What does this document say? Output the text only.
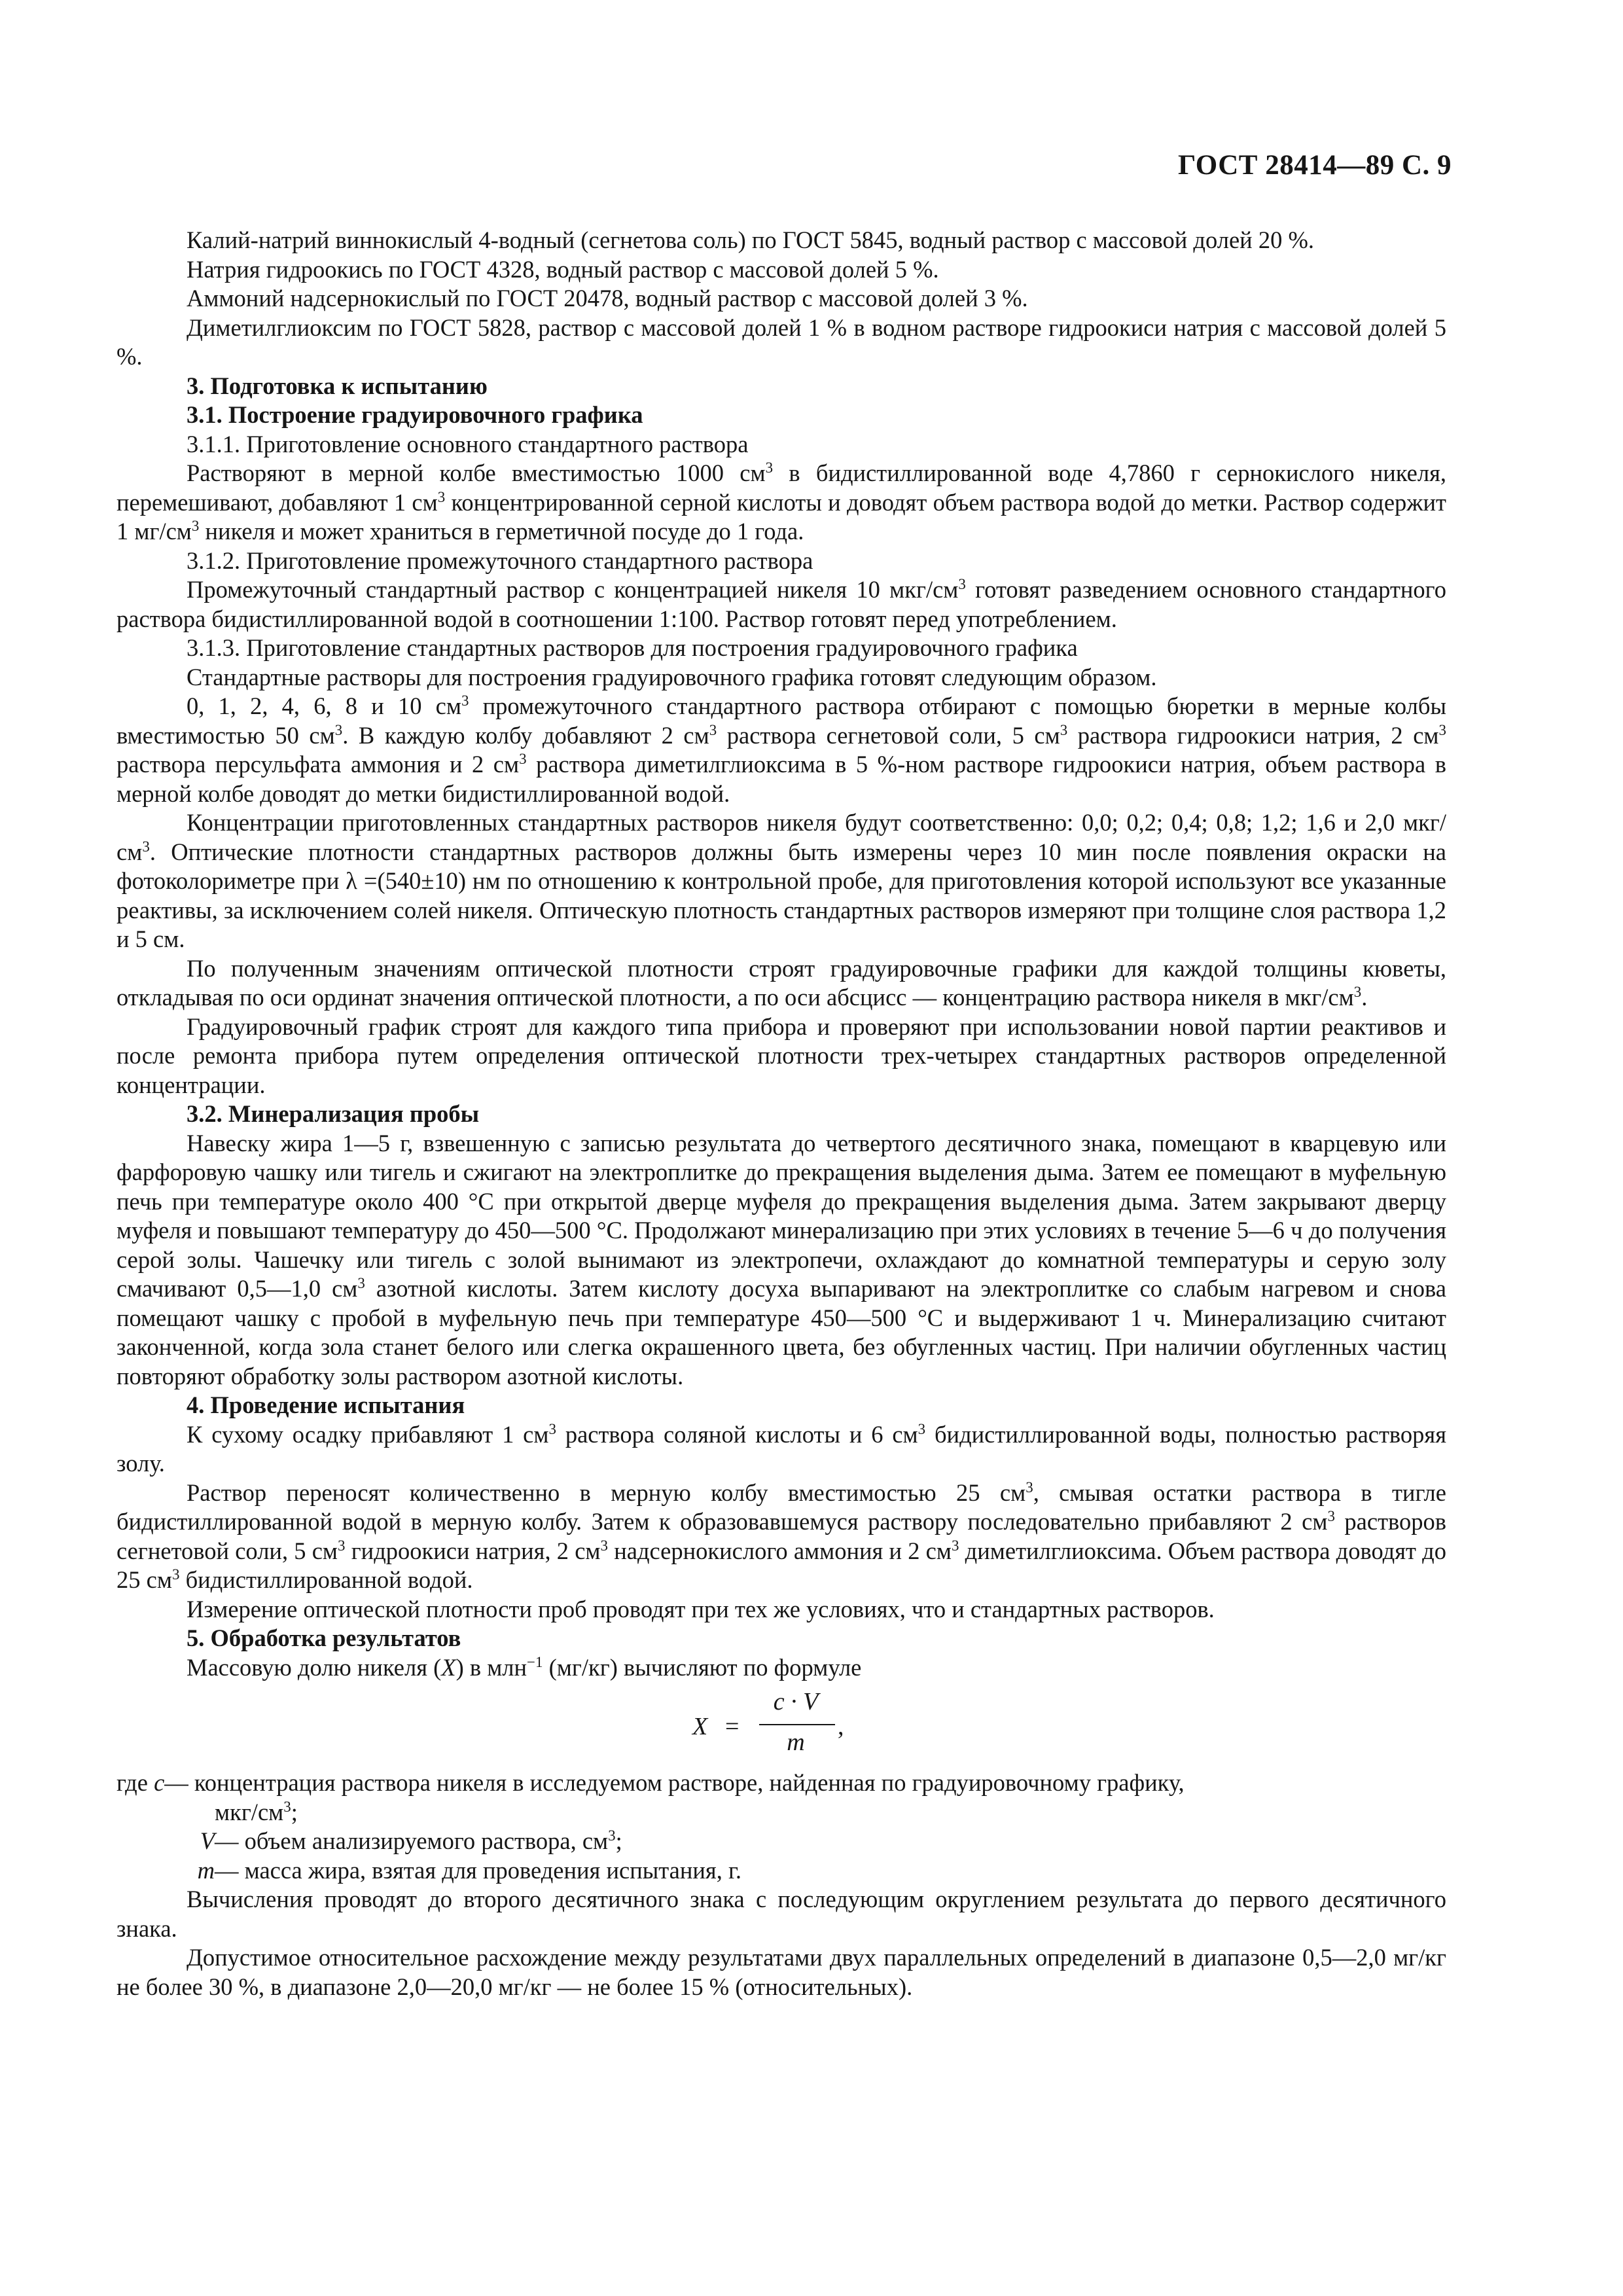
ГОСТ 28414—89 С. 9

Калий-натрий виннокислый 4-водный (сегнетова соль) по ГОСТ 5845, водный раствор с массовой долей 20 %.

Натрия гидроокись по ГОСТ 4328, водный раствор с массовой долей 5 %.

Аммоний надсернокислый по ГОСТ 20478, водный раствор с массовой долей 3 %.

Диметилглиоксим по ГОСТ 5828, раствор с массовой долей 1 % в водном растворе гидроокиси натрия с массовой долей 5 %.

3. Подготовка к испытанию

3.1. Построение градуировочного графика

3.1.1. Приготовление основного стандартного раствора

Растворяют в мерной колбе вместимостью 1000 $см^3$ в бидистиллированной воде 4,7860 г сернокислого никеля, перемешивают, добавляют 1 $см^3$ концентрированной серной кислоты и доводят объем раствора водой до метки. Раствор содержит 1 $мг/см^3$ никеля и может храниться в герметичной посуде до 1 года.

3.1.2. Приготовление промежуточного стандартного раствора

Промежуточный стандартный раствор с концентрацией никеля 10 мкг/$см^3$ готовят разведением основного стандартного раствора бидистиллированной водой в соотношении 1:100. Раствор готовят перед употреблением.

3.1.3. Приготовление стандартных растворов для построения градуировочного графика

Стандартные растворы для построения градуировочного графика готовят следующим образом.

0, 1, 2, 4, 6, 8 и 10 $см^3$ промежуточного стандартного раствора отбирают с помощью бюретки в мерные колбы вместимостью 50 $см^3$. В каждую колбу добавляют 2 $см^3$ раствора сегнетовой соли, 5 $см^3$ раствора гидроокиси натрия, 2 $см^3$ раствора персульфата аммония и 2 $см^3$ раствора диметилглиоксима в 5 %-ном растворе гидроокиси натрия, объем раствора в мерной колбе доводят до метки бидистиллированной водой.

Концентрации приготовленных стандартных растворов никеля будут соответственно: 0,0; 0,2; 0,4; 0,8; 1,2; 1,6 и 2,0 мкг/$см^3$. Оптические плотности стандартных растворов должны быть измерены через 10 мин после появления окраски на фотоколориметре при λ =(540±10) нм по отношению к контрольной пробе, для приготовления которой используют все указанные реактивы, за исключением солей никеля. Оптическую плотность стандартных растворов измеряют при толщине слоя раствора 1,2 и 5 см.

По полученным значениям оптической плотности строят градуировочные графики для каждой толщины кюветы, откладывая по оси ординат значения оптической плотности, а по оси абсцисс — концентрацию раствора никеля в мкг/$см^3$.

Градуировочный график строят для каждого типа прибора и проверяют при использовании новой партии реактивов и после ремонта прибора путем определения оптической плотности трех-четырех стандартных растворов определенной концентрации.

3.2. Минерализация пробы

Навеску жира 1—5 г, взвешенную с записью результата до четвертого десятичного знака, помещают в кварцевую или фарфоровую чашку или тигель и сжигают на электроплитке до прекращения выделения дыма. Затем ее помещают в муфельную печь при температуре около 400 °С при открытой дверце муфеля до прекращения выделения дыма. Затем закрывают дверцу муфеля и повышают температуру до 450—500 °С. Продолжают минерализацию при этих условиях в течение 5—6 ч до получения серой золы. Чашечку или тигель с золой вынимают из электропечи, охлаждают до комнатной температуры и серую золу смачивают 0,5—1,0 $см^3$ азотной кислоты. Затем кислоту досуха выпаривают на электроплитке со слабым нагревом и снова помещают чашку с пробой в муфельную печь при температуре 450—500 °С и выдерживают 1 ч. Минерализацию считают законченной, когда зола станет белого или слегка окрашенного цвета, без обугленных частиц. При наличии обугленных частиц повторяют обработку золы раствором азотной кислоты.

4. Проведение испытания

К сухому осадку прибавляют 1 $см^3$ раствора соляной кислоты и 6 $см^3$ бидистиллированной воды, полностью растворяя золу.

Раствор переносят количественно в мерную колбу вместимостью 25 $см^3$, смывая остатки раствора в тигле бидистиллированной водой в мерную колбу. Затем к образовавшемуся раствору последовательно прибавляют 2 $см^3$ растворов сегнетовой соли, 5 $см^3$ гидроокиси натрия, 2 $см^3$ надсернокислого аммония и 2 $см^3$ диметилглиоксима. Объем раствора доводят до 25 $см^3$ бидистиллированной водой.

Измерение оптической плотности проб проводят при тех же условиях, что и стандартных растворов.

5. Обработка результатов

Массовую долю никеля (X) в млн$^{-1}$ (мг/кг) вычисляют по формуле

X =
c · V
m
,
где c — концентрация раствора никеля в исследуемом растворе, найденная по градуировочному графику,

мкг/$см^3$;

V — объем анализируемого раствора, $см^3$;
m — масса жира, взятая для проведения испытания, г.

Вычисления проводят до второго десятичного знака с последующим округлением результата до первого десятичного знака.

Допустимое относительное расхождение между результатами двух параллельных определений в диапазоне 0,5—2,0 мг/кг не более 30 %, в диапазоне 2,0—20,0 мг/кг — не более 15 % (относительных).
